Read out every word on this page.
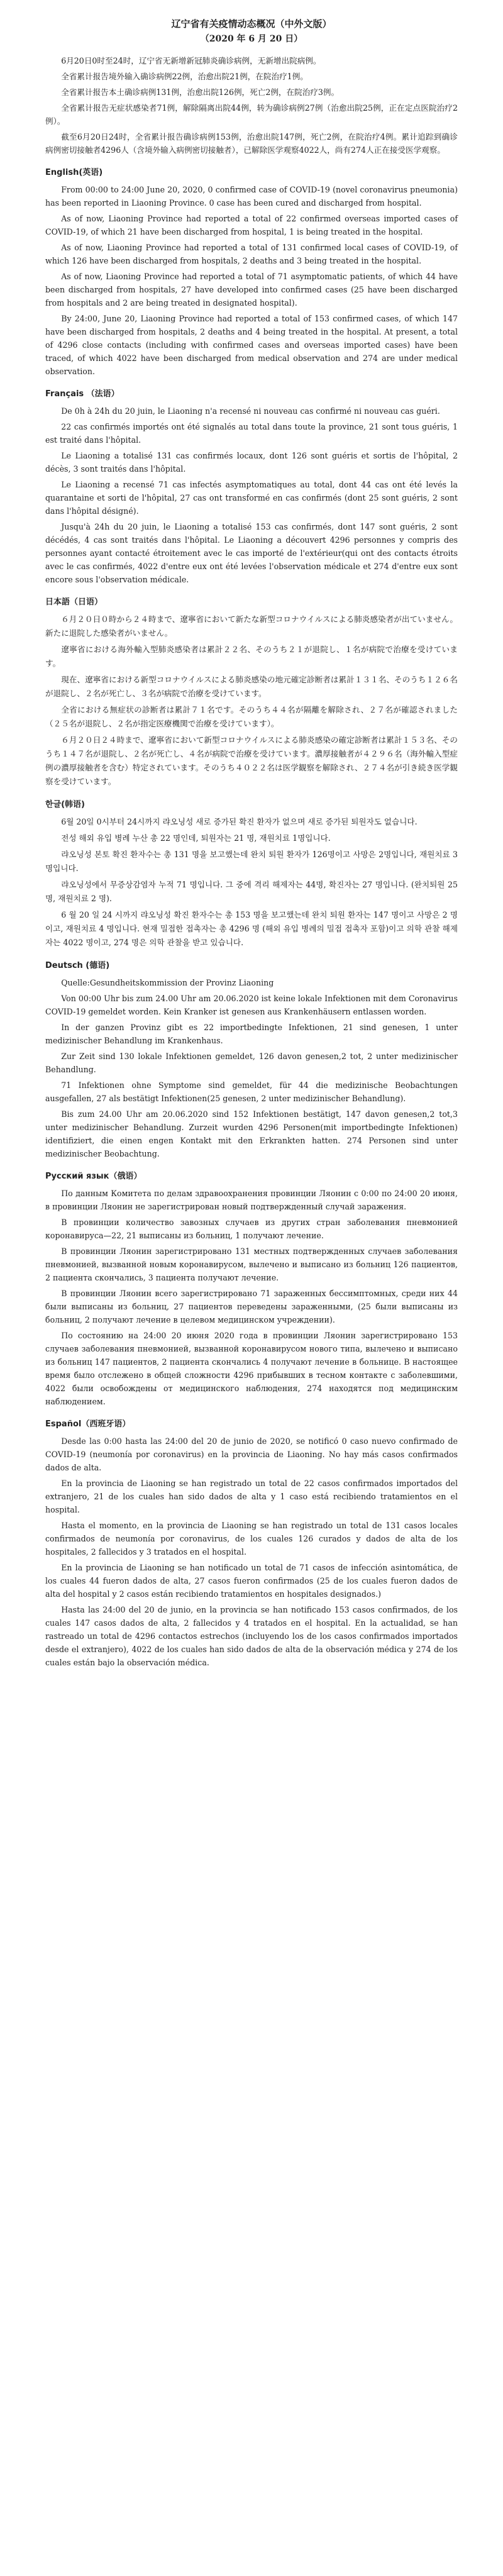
辽宁省有关疫情动态概况（中外文版）
（2020 年 6 月 20 日）

6月20日0时至24时，辽宁省无新增新冠肺炎确诊病例，无新增出院病例。

全省累计报告境外输入确诊病例22例，治愈出院21例，在院治疗1例。

全省累计报告本土确诊病例131例，治愈出院126例，死亡2例，在院治疗3例。

全省累计报告无症状感染者71例，解除隔离出院44例，转为确诊病例27例（治愈出院25例，正在定点医院治疗2例）。

截至6月20日24时，全省累计报告确诊病例153例，治愈出院147例，死亡2例，在院治疗4例。累计追踪到确诊病例密切接触者4296人（含境外输入病例密切接触者），已解除医学观察4022人，尚有274人正在接受医学观察。

English(英语)

From 00:00 to 24:00 June 20, 2020, 0 confirmed case of COVID-19 (novel coronavirus pneumonia) has been reported in Liaoning Province. 0 case has been cured and discharged from hospital.

As of now, Liaoning Province had reported a total of 22 confirmed overseas imported cases of COVID-19, of which 21 have been discharged from hospital, 1 is being treated in the hospital.

As of now, Liaoning Province had reported a total of 131 confirmed local cases of COVID-19, of which 126 have been discharged from hospitals, 2 deaths and 3 being treated in the hospital.

As of now, Liaoning Province had reported a total of 71 asymptomatic patients, of which 44 have been discharged from hospitals, 27 have developed into confirmed cases (25 have been discharged from hospitals and 2 are being treated in designated hospital).

By 24:00, June 20, Liaoning Province had reported a total of 153 confirmed cases, of which 147 have been discharged from hospitals, 2 deaths and 4 being treated in the hospital. At present, a total of 4296 close contacts (including with confirmed cases and overseas imported cases) have been traced, of which 4022 have been discharged from medical observation and 274 are under medical observation.

Français （法语）

De 0h à 24h du 20 juin, le Liaoning n'a recensé ni nouveau cas confirmé ni nouveau cas guéri.

22 cas confirmés importés ont été signalés au total dans toute la province, 21 sont tous guéris, 1 est traité dans l'hôpital.

Le Liaoning a totalisé 131 cas confirmés locaux, dont 126 sont guéris et sortis de l'hôpital, 2 décès, 3 sont traités dans l'hôpital.

Le Liaoning a recensé 71 cas infectés asymptomatiques au total, dont 44 cas ont été levés la quarantaine et sorti de l'hôpital, 27 cas ont transformé en cas confirmés (dont 25 sont guéris, 2 sont dans l'hôpital désigné).

Jusqu'à 24h du 20 juin, le Liaoning a totalisé 153 cas confirmés, dont 147 sont guéris, 2 sont décédés, 4 cas sont traités dans l'hôpital. Le Liaoning a découvert 4296 personnes y compris des personnes ayant contacté étroitement avec le cas importé de l'extérieur(qui ont des contacts étroits avec le cas confirmés, 4022 d'entre eux ont été levées l'observation médicale et 274 d'entre eux sont encore sous l'observation médicale.

日本語（日语）

６月２０日０時から２４時まで、遼寧省において新たな新型コロナウイルスによる肺炎感染者が出ていません。新たに退院した感染者がいません。

遼寧省における海外輸入型肺炎感染者は累計２２名、そのうち２１が退院し、１名が病院で治療を受けています。

現在、遼寧省における新型コロナウイルスによる肺炎感染の地元確定診断者は累計１３１名、そのうち１２６名が退院し、２名が死亡し、３名が病院で治療を受けています。

全省における無症状の診断者は累計７１名です。そのうち４４名が隔離を解除され、２７名が確認されました（２５名が退院し、２名が指定医療機関で治療を受けています）。

６月２０日２４時まで、遼寧省において新型コロナウイルスによる肺炎感染の確定診断者は累計１５３名、そのうち１４７名が退院し、２名が死亡し、４名が病院で治療を受けています。濃厚接触者が４２９６名（海外輸入型症例の濃厚接触者を含む）特定されています。そのうち４０２２名は医学観察を解除され、２７４名が引き続き医学観察を受けています。

한글(韩语)

6월 20일 0시부터 24시까지 랴오닝성 새로 증가된 확진 환자가 없으며 새로 증가된 퇴원자도 없습니다.

전성 해외 유입 병례 누산 총 22 명인데, 퇴원자는 21 명, 재원치료 1명입니다.

랴오닝성 본토 확진 환자수는 총 131 명을 보고했는데 완치 퇴원 환자가 126명이고 사망은 2명입니다, 재원치료 3 명입니다.

랴오닝성에서 무증상감염자 누적 71 명입니다. 그 중에 격리 해제자는 44명, 확진자는 27 명입니다. (완치퇴원 25 명, 재원치료 2 명).

6 월 20 일 24 시까지 랴오닝성 확진 환자수는 총 153 명을 보고했는데 완치 퇴원 환자는 147 명이고 사망은 2 명이고, 재원치료 4 명입니다. 현재 밀접한 접촉자는 총 4296 명 (해외 유입 병례의 밀접 접촉자 포함)이고 의학 관찰 해제자는 4022 명이고, 274 명은 의학 관찰을 받고 있습니다.

Deutsch (德语)

Quelle:Gesundheitskommission der Provinz Liaoning

Von 00:00 Uhr bis zum 24.00 Uhr am 20.06.2020 ist keine lokale Infektionen mit dem Coronavirus COVID-19 gemeldet worden. Kein Kranker ist genesen aus Krankenhäusern entlassen worden.

In der ganzen Provinz gibt es 22 importbedingte Infektionen, 21 sind genesen, 1 unter medizinischer Behandlung im Krankenhaus.

Zur Zeit sind 130 lokale Infektionen gemeldet, 126 davon genesen,2 tot, 2 unter medizinischer Behandlung.

71 Infektionen ohne Symptome sind gemeldet, für 44 die medizinische Beobachtungen ausgefallen, 27 als bestätigt Infektionen(25 genesen, 2 unter medizinischer Behandlung).

Bis zum 24.00 Uhr am 20.06.2020 sind 152 Infektionen bestätigt, 147 davon genesen,2 tot,3 unter medizinischer Behandlung. Zurzeit wurden 4296 Personen(mit importbedingte Infektionen) identifiziert, die einen engen Kontakt mit den Erkrankten hatten. 274 Personen sind unter medizinischer Beobachtung.

Русский язык（俄语）

По данным Комитета по делам здравоохранения провинции Ляонин с 0:00 по 24:00 20 июня, в провинции Ляонин не зарегистрирован новый подтвержденный случай заражения.

В провинции количество завозных случаев из других стран заболевания пневмонией коронавируса—22, 21 выписаны из больниц, 1 получают лечение.

В провинции Ляонин зарегистрировано 131 местных подтвержденных случаев заболевания пневмонией, вызванной новым коронавирусом, вылечено и выписано из больниц 126 пациентов, 2 пациента скончались, 3 пациента получают лечение.

В провинции Ляонин всего зарегистрировано 71 зараженных бессимптомных, среди них 44 были выписаны из больниц, 27 пациентов переведены зараженными, (25 были выписаны из больниц, 2 получают лечение в целевом медицинском учреждении).

По состоянию на 24:00 20 июня 2020 года в провинции Ляонин зарегистрировано 153 случаев заболевания пневмонией, вызванной коронавирусом нового типа, вылечено и выписано из больниц 147 пациентов, 2 пациента скончались 4 получают лечение в больнице. В настоящее время было отслежено в общей сложности 4296 прибывших в тесном контакте с заболевшими, 4022 были освобождены от медицинского наблюдения, 274 находятся под медицинским наблюдением.

Español（西班牙语）

Desde las 0:00 hasta las 24:00 del 20 de junio de 2020, se notificó 0 caso nuevo confirmado de COVID-19 (neumonía por coronavirus) en la provincia de Liaoning. No hay más casos confirmados dados de alta.

En la provincia de Liaoning se han registrado un total de 22 casos confirmados importados del extranjero, 21 de los cuales han sido dados de alta y 1 caso está recibiendo tratamientos en el hospital.

Hasta el momento, en la provincia de Liaoning se han registrado un total de 131 casos locales confirmados de neumonía por coronavirus, de los cuales 126 curados y dados de alta de los hospitales, 2 fallecidos y 3 tratados en el hospital.

En la provincia de Liaoning se han notificado un total de 71 casos de infección asintomática, de los cuales 44 fueron dados de alta, 27 casos fueron confirmados (25 de los cuales fueron dados de alta del hospital y 2 casos están recibiendo tratamientos en hospitales designados.)

Hasta las 24:00 del 20 de junio, en la provincia se han notificado 153 casos confirmados, de los cuales 147 casos dados de alta, 2 fallecidos y 4 tratados en el hospital. En la actualidad, se han rastreado un total de 4296 contactos estrechos (incluyendo los de los casos confirmados importados desde el extranjero), 4022 de los cuales han sido dados de alta de la observación médica y 274 de los cuales están bajo la observación médica.
